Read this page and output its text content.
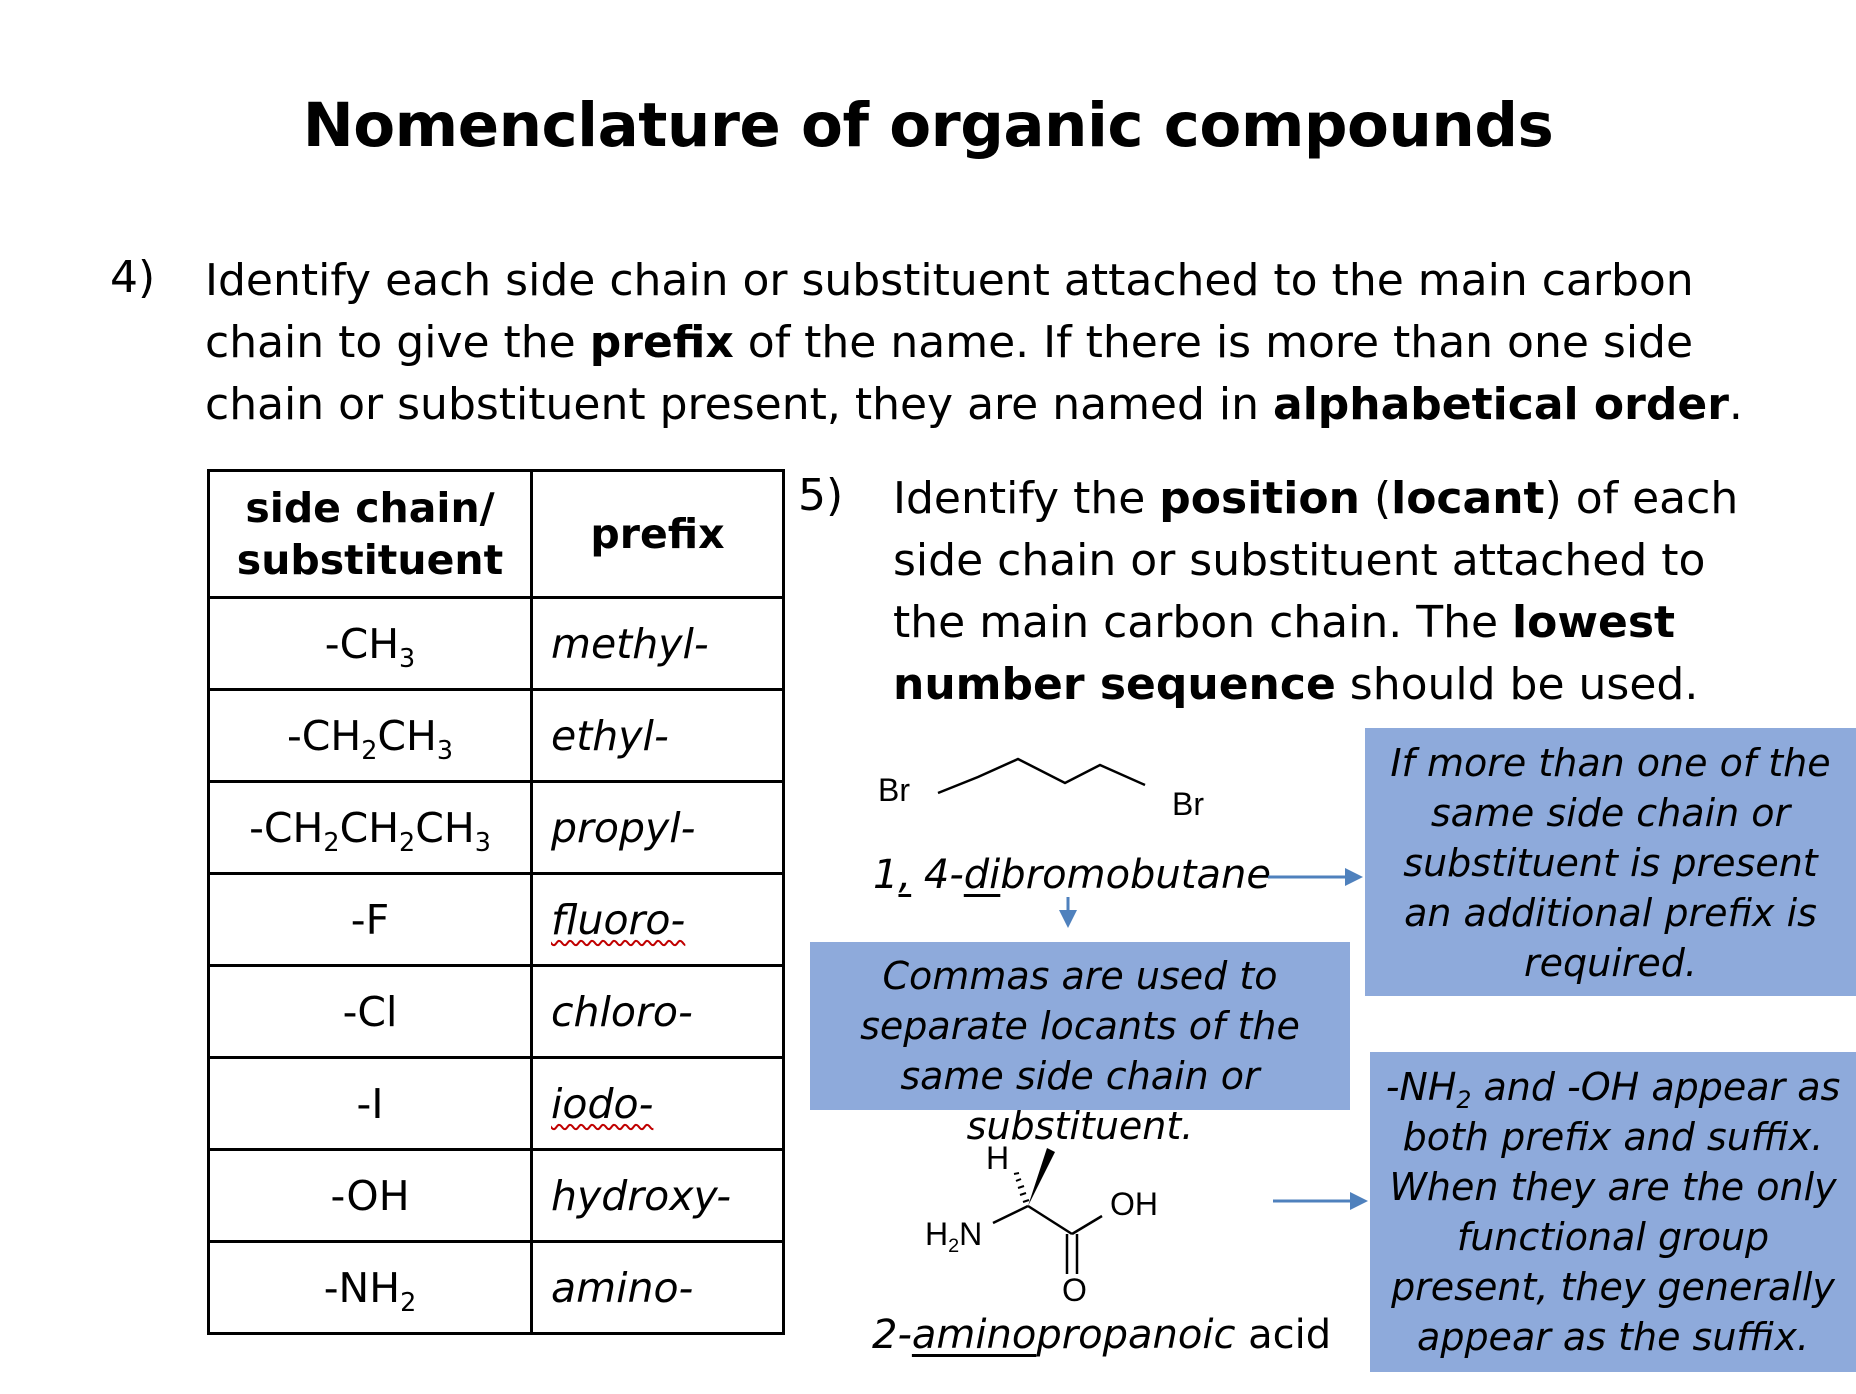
Nomenclature of organic compounds
4) Identify each side chain or substituent attached to the main carbon chain to give the prefix of the name. If there is more than one side chain or substituent present, they are named in alphabetical order.
side chain/ substituent	prefix
$-CH_3$	methyl-
$-CH_2CH_3$	ethyl-
$-CH_2CH_2CH_3$	propyl-
-F	fluoro-
-Cl	chloro-
-I	iodo-
-OH	hydroxy-
$-NH_2$	amino-
5) Identify the position (locant) of each side chain or substituent attached to the main carbon chain. The lowest number sequence should be used.
Br	Br
1, 4-dibromobutane
H
$H_2N$
OH
O
2-aminopropanoic acid
Commas are used to separate locants of the same side chain or substituent.
If more than one of the same side chain or substituent is present an additional prefix is required.
$-NH_2$ and -OH appear as both prefix and suffix. When they are the only functional group present, they generally appear as the suffix.
